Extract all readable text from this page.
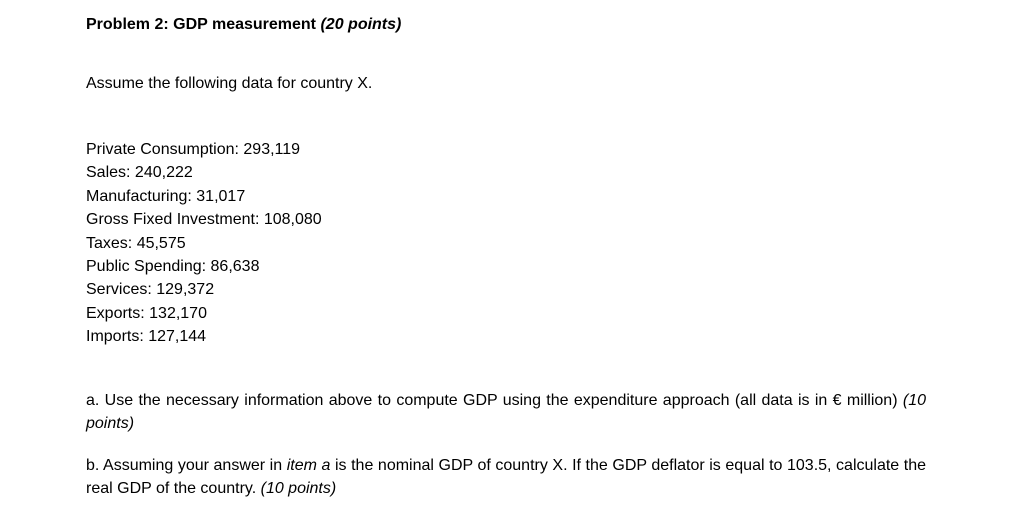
Problem 2: GDP measurement (20 points)
Assume the following data for country X.
Private Consumption: 293,119
Sales: 240,222
Manufacturing: 31,017
Gross Fixed Investment: 108,080
Taxes: 45,575
Public Spending: 86,638
Services: 129,372
Exports: 132,170
Imports: 127,144
a. Use the necessary information above to compute GDP using the expenditure approach (all data is in € million) (10 points)
b. Assuming your answer in item a is the nominal GDP of country X. If the GDP deflator is equal to 103.5, calculate the real GDP of the country. (10 points)
